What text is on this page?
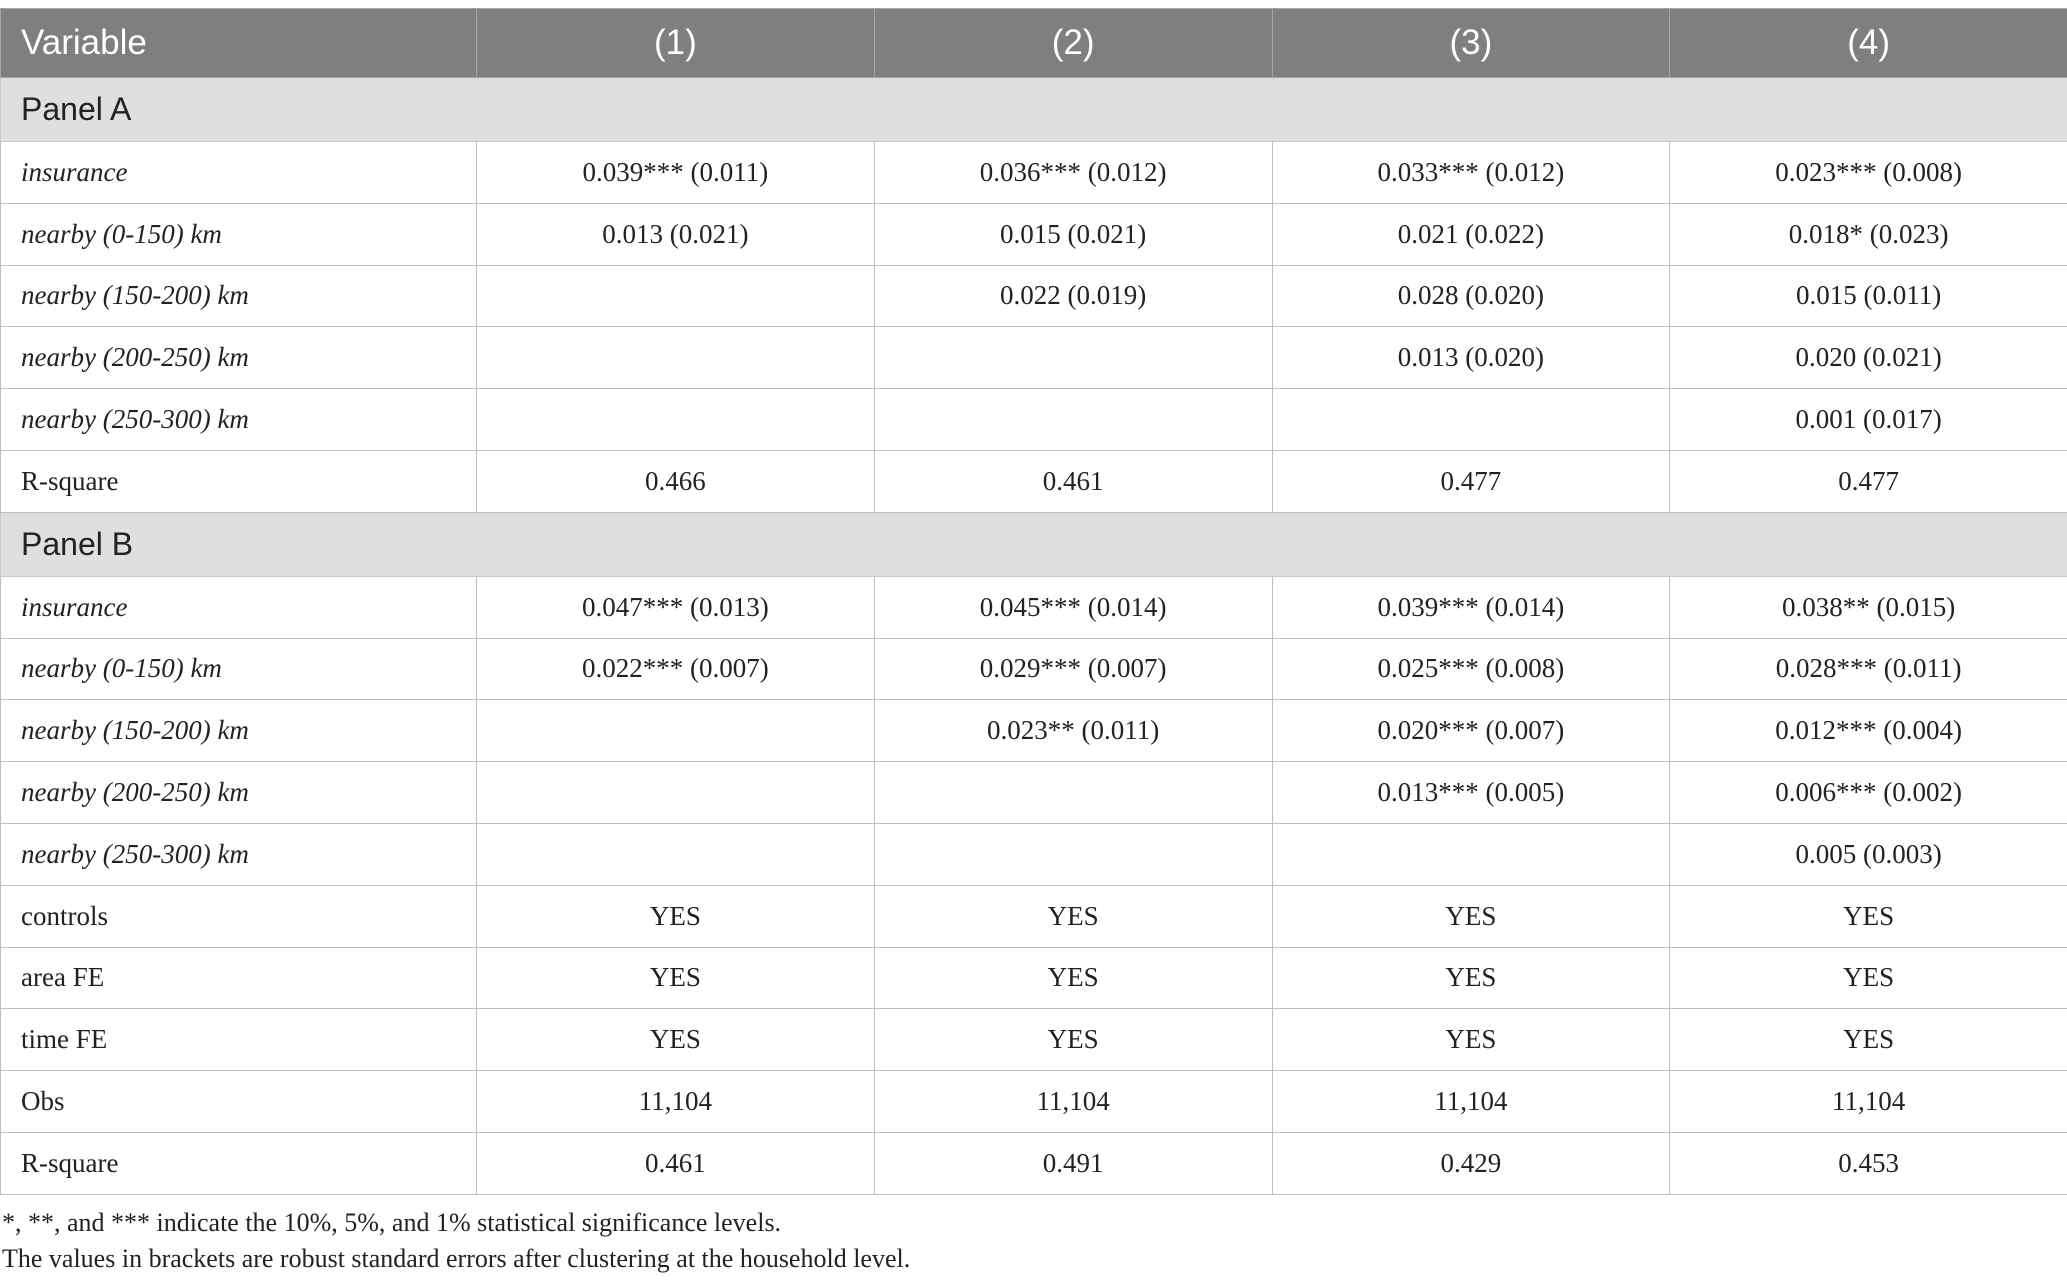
Variable	(1)	(2)	(3)	(4)
Panel A				
insurance	0.039*** (0.011)	0.036*** (0.012)	0.033*** (0.012)	0.023*** (0.008)
nearby (0-150) km	0.013 (0.021)	0.015 (0.021)	0.021 (0.022)	0.018* (0.023)
nearby (150-200) km		0.022 (0.019)	0.028 (0.020)	0.015 (0.011)
nearby (200-250) km			0.013 (0.020)	0.020 (0.021)
nearby (250-300) km				0.001 (0.017)
R-square	0.466	0.461	0.477	0.477
Panel B				
insurance	0.047*** (0.013)	0.045*** (0.014)	0.039*** (0.014)	0.038** (0.015)
nearby (0-150) km	0.022*** (0.007)	0.029*** (0.007)	0.025*** (0.008)	0.028*** (0.011)
nearby (150-200) km		0.023** (0.011)	0.020*** (0.007)	0.012*** (0.004)
nearby (200-250) km			0.013*** (0.005)	0.006*** (0.002)
nearby (250-300) km				0.005 (0.003)
controls	YES	YES	YES	YES
area FE	YES	YES	YES	YES
time FE	YES	YES	YES	YES
Obs	11,104	11,104	11,104	11,104
R-square	0.461	0.491	0.429	0.453
*, **, and *** indicate the 10%, 5%, and 1% statistical significance levels.
The values in brackets are robust standard errors after clustering at the household level.
